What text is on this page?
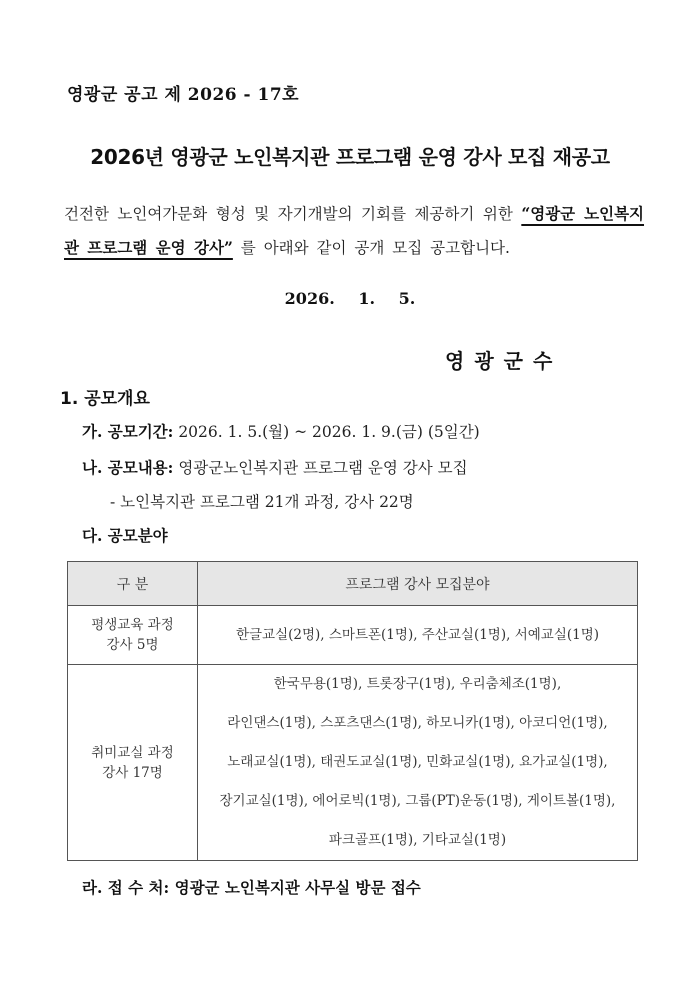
영광군 공고 제 2026 - 17호
2026년 영광군 노인복지관 프로그램 운영 강사 모집 재공고

건전한 노인여가문화 형성 및 자기개발의 기회를 제공하기 위한 “영광군 노인복지관 프로그램 운영 강사” 를 아래와 같이 공개 모집 공고합니다.

2026. 1. 5.
영광군수
1. 공모개요
가. 공모기간: 2026. 1. 5.(월) ~ 2026. 1. 9.(금) (5일간)
나. 공모내용: 영광군노인복지관 프로그램 운영 강사 모집
- 노인복지관 프로그램 21개 과정, 강사 22명
다. 공모분야
구 분	프로그램 강사 모집분야

평생교육 과정
강사 5명	한글교실(2명), 스마트폰(1명), 주산교실(1명), 서예교실(1명)

취미교실 과정
강사 17명

한국무용(1명), 트롯장구(1명), 우리춤체조(1명),
라인댄스(1명), 스포츠댄스(1명), 하모니카(1명), 아코디언(1명),
노래교실(1명), 태권도교실(1명), 민화교실(1명), 요가교실(1명),
장기교실(1명), 에어로빅(1명), 그룹(PT)운동(1명), 게이트볼(1명),
파크골프(1명), 기타교실(1명)
라. 접 수 처: 영광군 노인복지관 사무실 방문 접수
